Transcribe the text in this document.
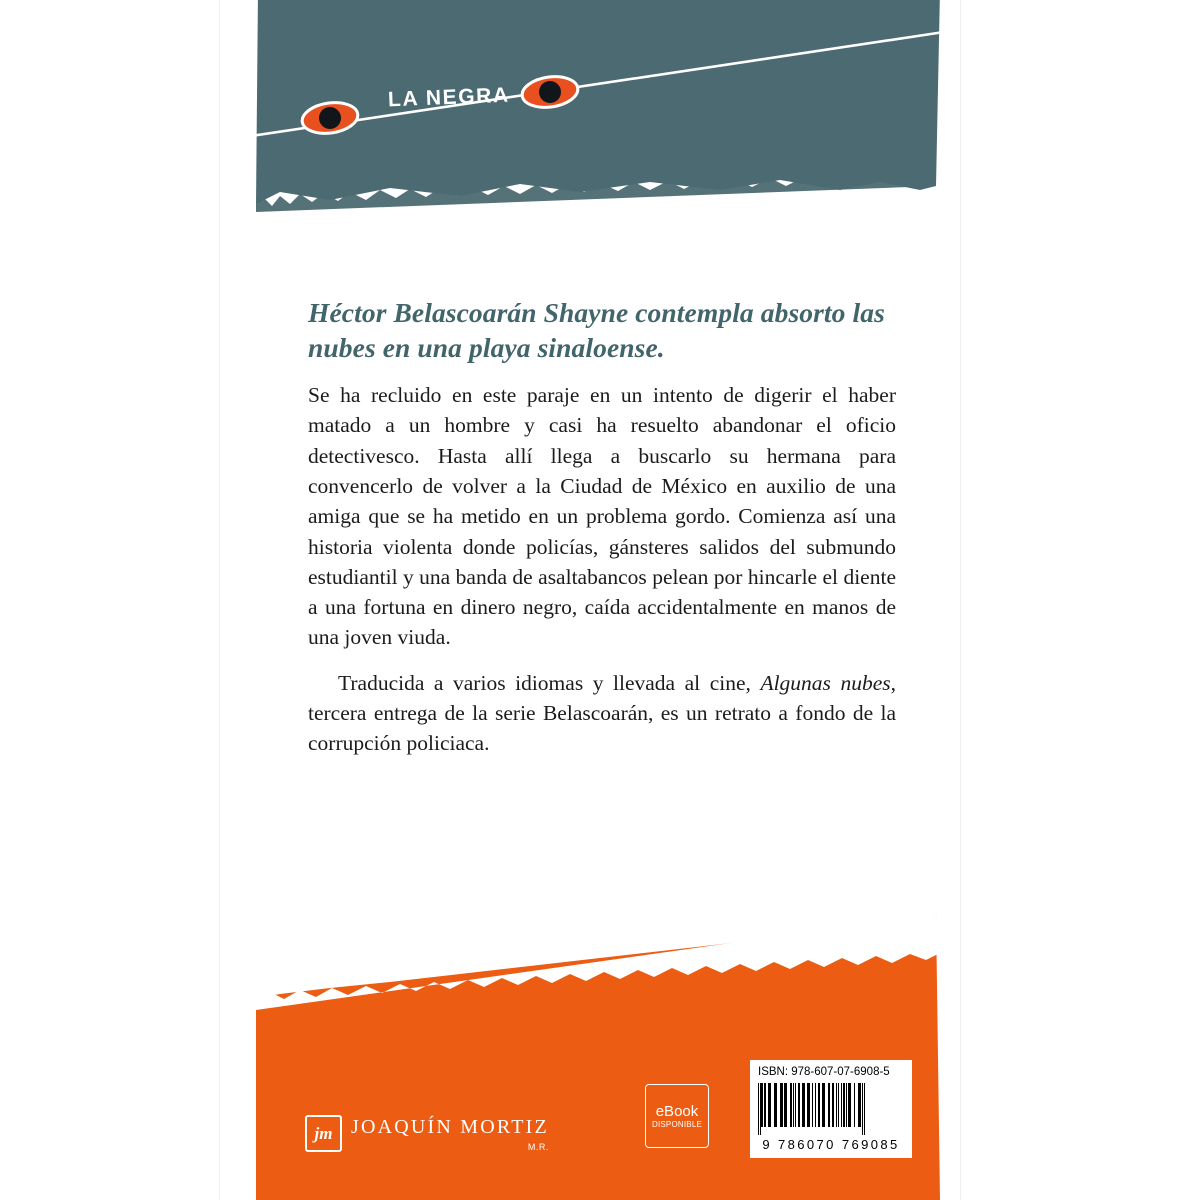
LA NEGRA
Héctor Belascoarán Shayne contempla absorto las nubes en una playa sinaloense.

Se ha recluido en este paraje en un intento de digerir el haber matado a un hombre y casi ha resuelto abandonar el oficio detectivesco. Hasta allí llega a buscarlo su hermana para convencerlo de volver a la Ciudad de México en auxilio de una amiga que se ha metido en un problema gordo. Comienza así una historia violenta donde policías, gánsteres salidos del submundo estudiantil y una banda de asaltabancos pelean por hincarle el diente a una fortuna en dinero negro, caída accidentalmente en manos de una joven viuda.

Traducida a varios idiomas y llevada al cine, Algunas nubes, tercera entrega de la serie Belascoarán, es un retrato a fondo de la corrupción policiaca.

jm JOAQUÍN MORTIZ
M.R.
eBook
DISPONIBLE
ISBN: 978-607-07-6908-5
9 786070 769085
